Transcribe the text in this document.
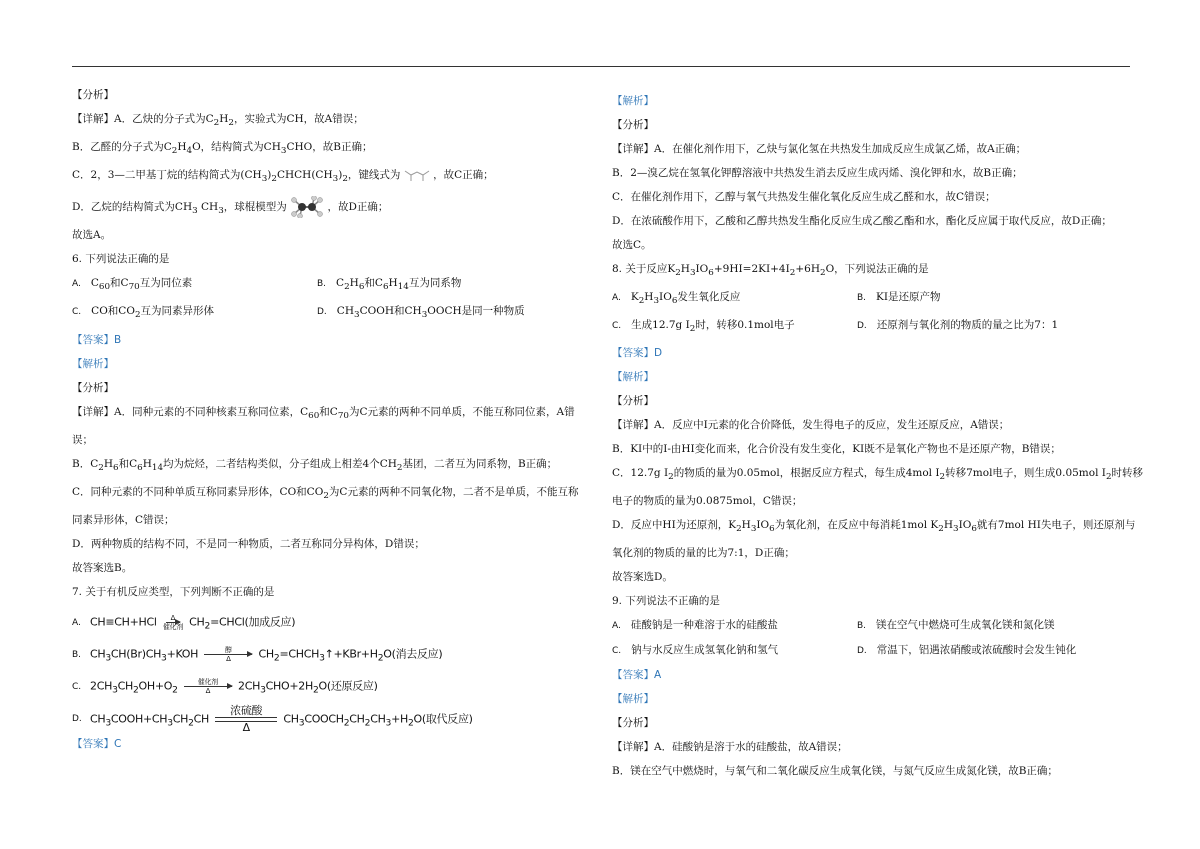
【分析】

【详解】A．乙炔的分子式为$C_2H_2$，实验式为CH，故A错误；

B．乙醛的分子式为$C_2H_4O$，结构简式为$CH_3CHO$，故B正确；

C．2，3—二甲基丁烷的结构简式为$(CH_3)_2CHCH(CH_3)_2$，键线式为	，故C正确；

D．乙烷的结构简式为$CH_3$ $CH_3$，球棍模型为	，故D正确；

故选A。

6. 下列说法正确的是

A. $C_{60}$和$C_{70}$互为同位素	B. $C_2H_6$和$C_6H_{14}$互为同系物
C. CO和$CO_2$互为同素异形体	D. $CH_3COOH$和$CH_3OOCH$是同一种物质

【答案】B

【解析】

【分析】

【详解】A．同种元素的不同种核素互称同位素，$C_{60}$和$C_{70}$为C元素的两种不同单质，不能互称同位素，A错

误；

B．$C_2H_6$和$C_6H_{14}$均为烷烃，二者结构类似，分子组成上相差4个$CH_2$基团，二者互为同系物，B正确；

C．同种元素的不同种单质互称同素异形体，CO和$CO_2$为C元素的两种不同氧化物，二者不是单质，不能互称

同素异形体，C错误；

D．两种物质的结构不同，不是同一种物质，二者互称同分异构体，D错误；

故答案选B。

7. 关于有机反应类型，下列判断不正确的是

A. CH≡CH+HCl Δ
催化剂 $CH_2=CHCl$(加成反应)
B. $CH_3CH(Br)CH_3+KOH$	醇
Δ	$CH_2=CHCH_3↑+KBr+H_2O$(消去反应)
C. $2CH_3CH_2OH+O_2$
催化剂
Δ	$2CH_3CHO+2H_2O$(还原反应)
D. $CH_3COOH+CH_3CH_2CH$
浓硫酸
Δ
$CH_3COOCH_2CH_2CH_3+H_2O$(取代反应)

【答案】C

【解析】

【分析】

【详解】A．在催化剂作用下，乙炔与氯化氢在共热发生加成反应生成氯乙烯，故A正确；

B．2—溴乙烷在氢氧化钾醇溶液中共热发生消去反应生成丙烯、溴化钾和水，故B正确；

C．在催化剂作用下，乙醇与氧气共热发生催化氧化反应生成乙醛和水，故C错误；

D．在浓硫酸作用下，乙酸和乙醇共热发生酯化反应生成乙酸乙酯和水，酯化反应属于取代反应，故D正确；

故选C。

8. 关于反应$K_2H_3IO_6+9HI=2KI+4I_2+6H_2O$，下列说法正确的是

A. $K_2H_3IO_6$发生氧化反应	B. KI是还原产物
C. 生成12.7g $I_2$时，转移0.1mol电子	D. 还原剂与氧化剂的物质的量之比为7：1

【答案】D

【解析】

【分析】

【详解】A．反应中I元素的化合价降低，发生得电子的反应，发生还原反应，A错误；

B．KI中的I-由HI变化而来，化合价没有发生变化，KI既不是氧化产物也不是还原产物，B错误；

C．12.7g $I_2$的物质的量为0.05mol，根据反应方程式，每生成4mol $I_2$转移7mol电子，则生成0.05mol $I_2$时转移

电子的物质的量为0.0875mol，C错误；

D．反应中HI为还原剂，$K_2H_3IO_6$为氧化剂，在反应中每消耗1mol $K_2H_3IO_6$就有7mol HI失电子，则还原剂与

氧化剂的物质的量的比为7:1，D正确；

故答案选D。

9. 下列说法不正确的是

A. 硅酸钠是一种难溶于水的硅酸盐	B. 镁在空气中燃烧可生成氧化镁和氮化镁
C. 钠与水反应生成氢氧化钠和氢气	D. 常温下，铝遇浓硝酸或浓硫酸时会发生钝化

【答案】A

【解析】

【分析】

【详解】A．硅酸钠是溶于水的硅酸盐，故A错误；

B．镁在空气中燃烧时，与氧气和二氧化碳反应生成氧化镁，与氮气反应生成氮化镁，故B正确；
